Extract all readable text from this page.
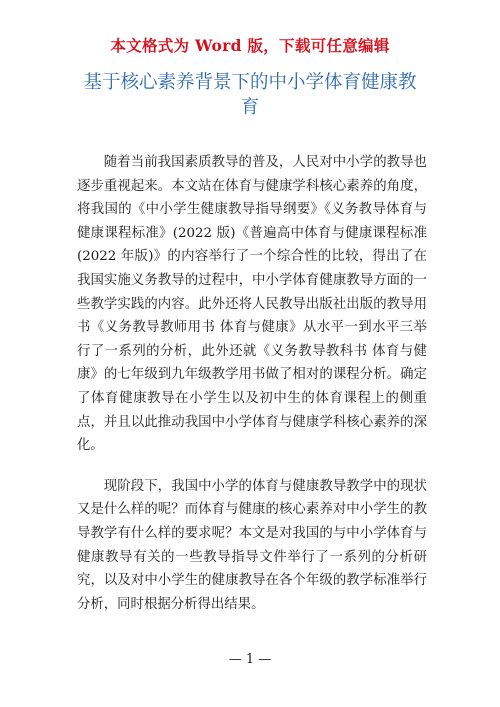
本文格式为 Word 版，下载可任意编辑
基于核心素养背景下的中小学体育健康教育

随着当前我国素质教导的普及，人民对中小学的教导也逐步重视起来。本文站在体育与健康学科核心素养的角度，将我国的《中小学生健康教导指导纲要》《义务教导体育与健康课程标准》(2022 版)《普遍高中体育与健康课程标准 (2022 年版)》的内容举行了一个综合性的比较，得出了在我国实施义务教导的过程中，中小学体育健康教导方面的一些教学实践的内容。此外还将人民教导出版社出版的教导用书《义务教导教师用书 体育与健康》从水平一到水平三举行了一系列的分析，此外还就《义务教导教科书 体育与健康》的七年级到九年级教学用书做了相对的课程分析。确定了体育健康教导在小学生以及初中生的体育课程上的侧重点，并且以此推动我国中小学体育与健康学科核心素养的深化。

现阶段下，我国中小学的体育与健康教导教学中的现状又是什么样的呢？而体育与健康的核心素养对中小学生的教导教学有什么样的要求呢？本文是对我国的与中小学体育与健康教导有关的一些教导指导文件举行了一系列的分析研究，以及对中小学生的健康教导在各个年级的教学标准举行分析，同时根据分析得出结果。

— 1 —
